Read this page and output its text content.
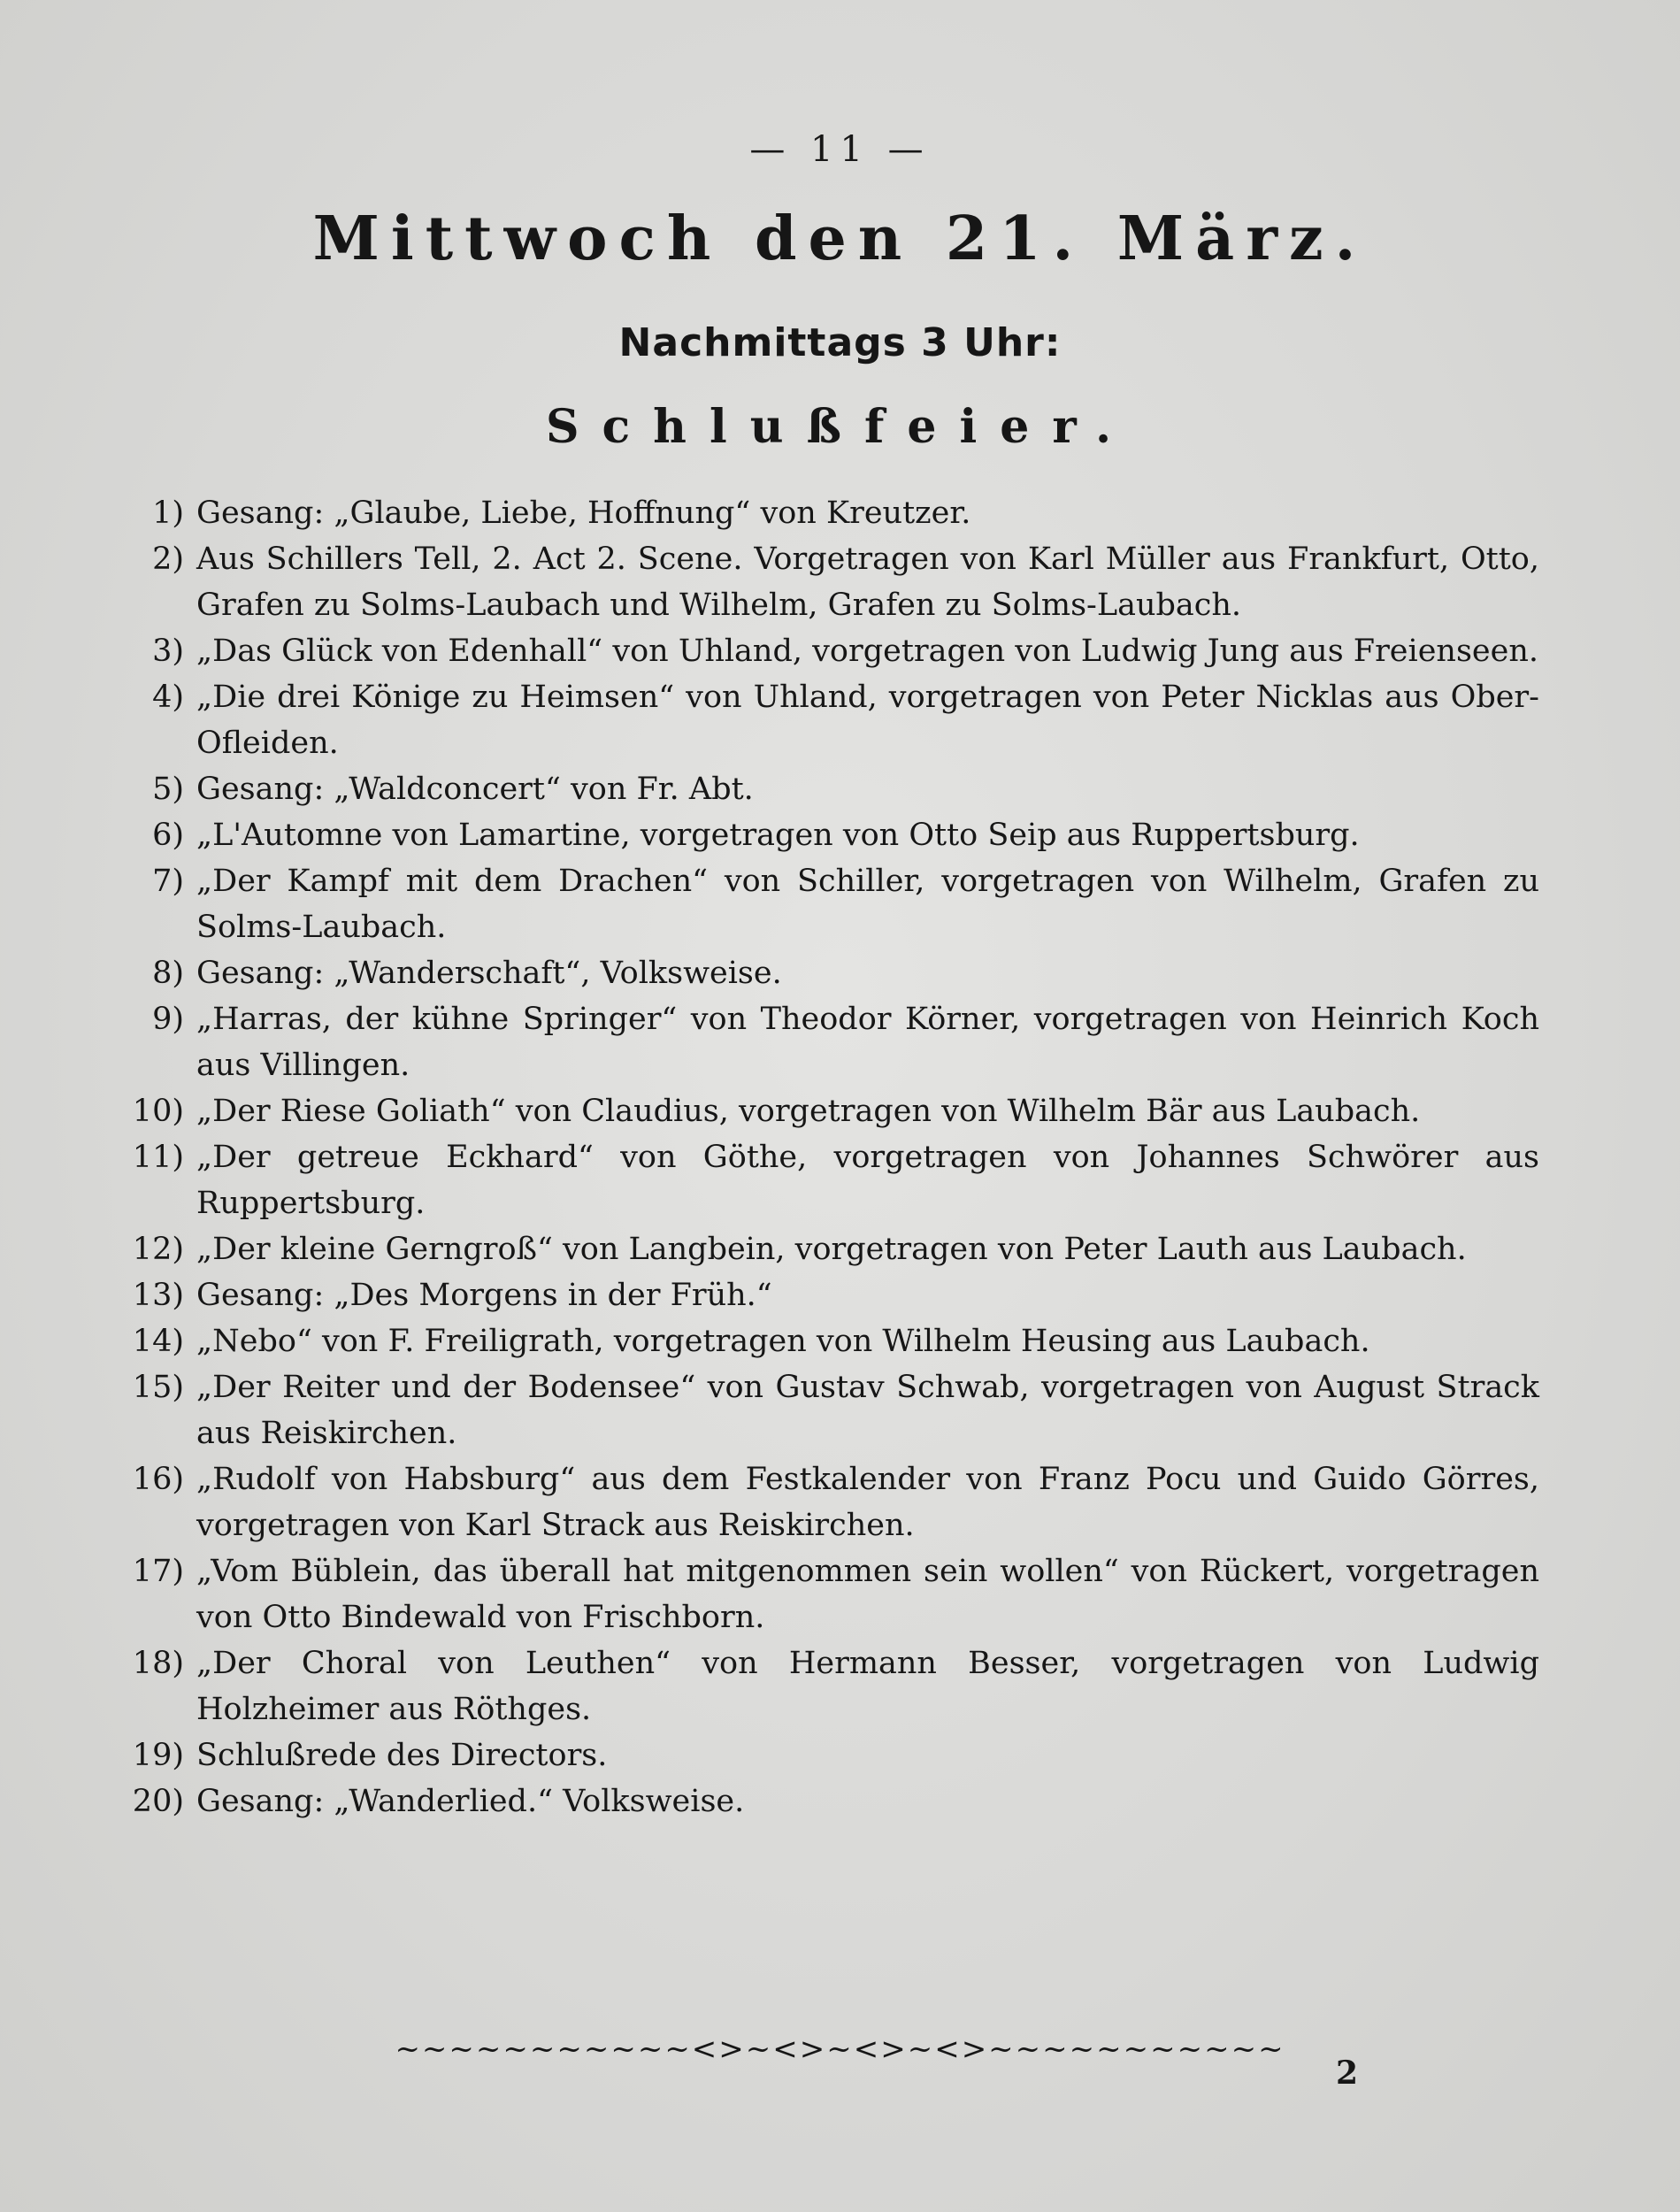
— 11 —
Mittwoch den 21. März.
Nachmittags 3 Uhr:
Schlußfeier.
1) Gesang: „Glaube, Liebe, Hoffnung“ von Kreutzer.
2) Aus Schillers Tell, 2. Act 2. Scene. Vorgetragen von Karl Müller aus Frankfurt, Otto, Grafen zu Solms-Laubach und Wilhelm, Grafen zu Solms-Laubach.
3) „Das Glück von Edenhall“ von Uhland, vorgetragen von Ludwig Jung aus Freienseen.
4) „Die drei Könige zu Heimsen“ von Uhland, vorgetragen von Peter Nicklas aus Ober-Ofleiden.
5) Gesang: „Waldconcert“ von Fr. Abt.
6) „L'Automne von Lamartine, vorgetragen von Otto Seip aus Ruppertsburg.
7) „Der Kampf mit dem Drachen“ von Schiller, vorgetragen von Wilhelm, Grafen zu Solms-Laubach.
8) Gesang: „Wanderschaft“, Volksweise.
9) „Harras, der kühne Springer“ von Theodor Körner, vorgetragen von Heinrich Koch aus Villingen.
10) „Der Riese Goliath“ von Claudius, vorgetragen von Wilhelm Bär aus Laubach.
11) „Der getreue Eckhard“ von Göthe, vorgetragen von Johannes Schwörer aus Ruppertsburg.
12) „Der kleine Gerngroß“ von Langbein, vorgetragen von Peter Lauth aus Laubach.
13) Gesang: „Des Morgens in der Früh.“
14) „Nebo“ von F. Freiligrath, vorgetragen von Wilhelm Heusing aus Laubach.
15) „Der Reiter und der Bodensee“ von Gustav Schwab, vorgetragen von August Strack aus Reiskirchen.
16) „Rudolf von Habsburg“ aus dem Festkalender von Franz Pocu und Guido Görres, vorgetragen von Karl Strack aus Reiskirchen.
17) „Vom Büblein, das überall hat mitgenommen sein wollen“ von Rückert, vorgetragen von Otto Bindewald von Frischborn.
18) „Der Choral von Leuthen“ von Hermann Besser, vorgetragen von Ludwig Holzheimer aus Röthges.
19) Schlußrede des Directors.
20) Gesang: „Wanderlied.“ Volksweise.
~~~~~~~~~~~<>~<>~<>~<>~~~~~~~~~~~
2
